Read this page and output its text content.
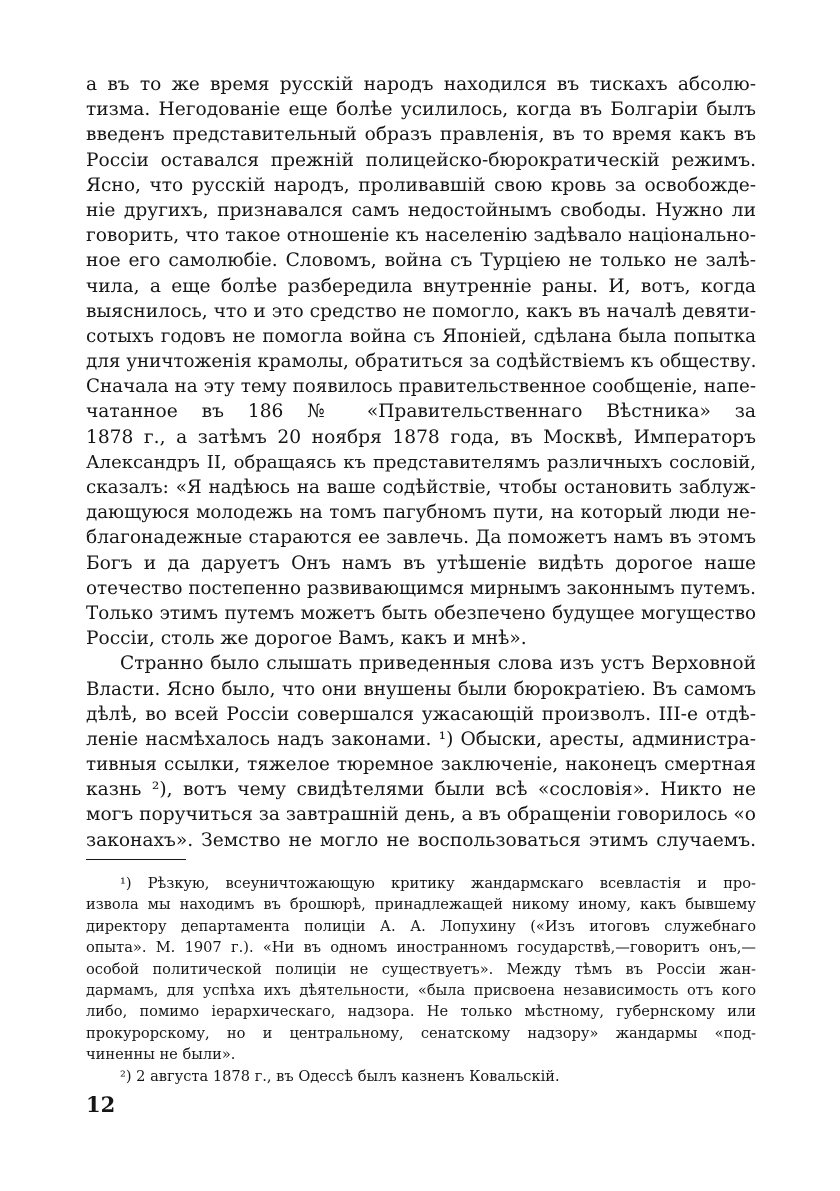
а въ то же время русскій народъ находился въ тискахъ абсолю-
тизма. Негодованіе еще болѣе усилилось, когда въ Болгаріи былъ
введенъ представительный образъ правленія, въ то время какъ въ
Россіи оставался прежній полицейско-бюрократическій режимъ.
Ясно, что русскій народъ, проливавшій свою кровь за освобожде-
ніе другихъ, признавался самъ недостойнымъ свободы. Нужно ли
говорить, что такое отношеніе къ населенію задѣвало національно-
ное его самолюбіе. Словомъ, война съ Турціею не только не залѣ-
чила, а еще болѣе разбередила внутренніе раны. И, вотъ, когда
выяснилось, что и это средство не помогло, какъ въ началѣ девяти-
сотыхъ годовъ не помогла война съ Японіей, сдѣлана была попытка
для уничтоженія крамолы, обратиться за содѣйствіемъ къ обществу.
Сначала на эту тему появилось правительственное сообщеніе, напе-
чатанное въ 186 № «Правительственнаго Вѣстника» за
1878 г., а затѣмъ 20 ноября 1878 года, въ Москвѣ, Императоръ
Александръ II, обращаясь къ представителямъ различныхъ сословій,
сказалъ: «Я надѣюсь на ваше содѣйствіе, чтобы остановить заблуж-
дающуюся молодежь на томъ пагубномъ пути, на который люди не-
благонадежные стараются ее завлечь. Да поможетъ намъ въ этомъ
Богъ и да даруетъ Онъ намъ въ утѣшеніе видѣть дорогое наше
отечество постепенно развивающимся мирнымъ законнымъ путемъ.
Только этимъ путемъ можетъ быть обезпечено будущее могущество
Россіи, столь же дорогое Вамъ, какъ и мнѣ».
Странно было слышать приведенныя слова изъ устъ Верховной
Власти. Ясно было, что они внушены были бюрократіею. Въ самомъ
дѣлѣ, во всей Россіи совершался ужасающій произволъ. III-е отдѣ-
леніе насмѣхалось надъ законами. ¹) Обыски, аресты, администра-
тивныя ссылки, тяжелое тюремное заключеніе, наконецъ смертная
казнь ²), вотъ чему свидѣтелями были всѣ «сословія». Никто не
могъ поручиться за завтрашній день, а въ обращеніи говорилось «о
законахъ». Земство не могло не воспользоваться этимъ случаемъ.
¹) Рѣзкую, всеуничтожающую критику жандармскаго всевластія и про-
извола мы находимъ въ брошюрѣ, принадлежащей никому иному, какъ бывшему
директору департамента полиціи А. А. Лопухину («Изъ итоговъ служебнаго
опыта». М. 1907 г.). «Ни въ одномъ иностранномъ государствѣ,—говоритъ онъ,—
особой политической полиціи не существуетъ». Между тѣмъ въ Россіи жан-
дармамъ, для успѣха ихъ дѣятельности, «была присвоена независимость отъ кого
либо, помимо іерархическаго, надзора. Не только мѣстному, губернскому или
прокурорскому, но и центральному, сенатскому надзору» жандармы «под-
чиненны не были».
²) 2 августа 1878 г., въ Одессѣ былъ казненъ Ковальскій.
12
